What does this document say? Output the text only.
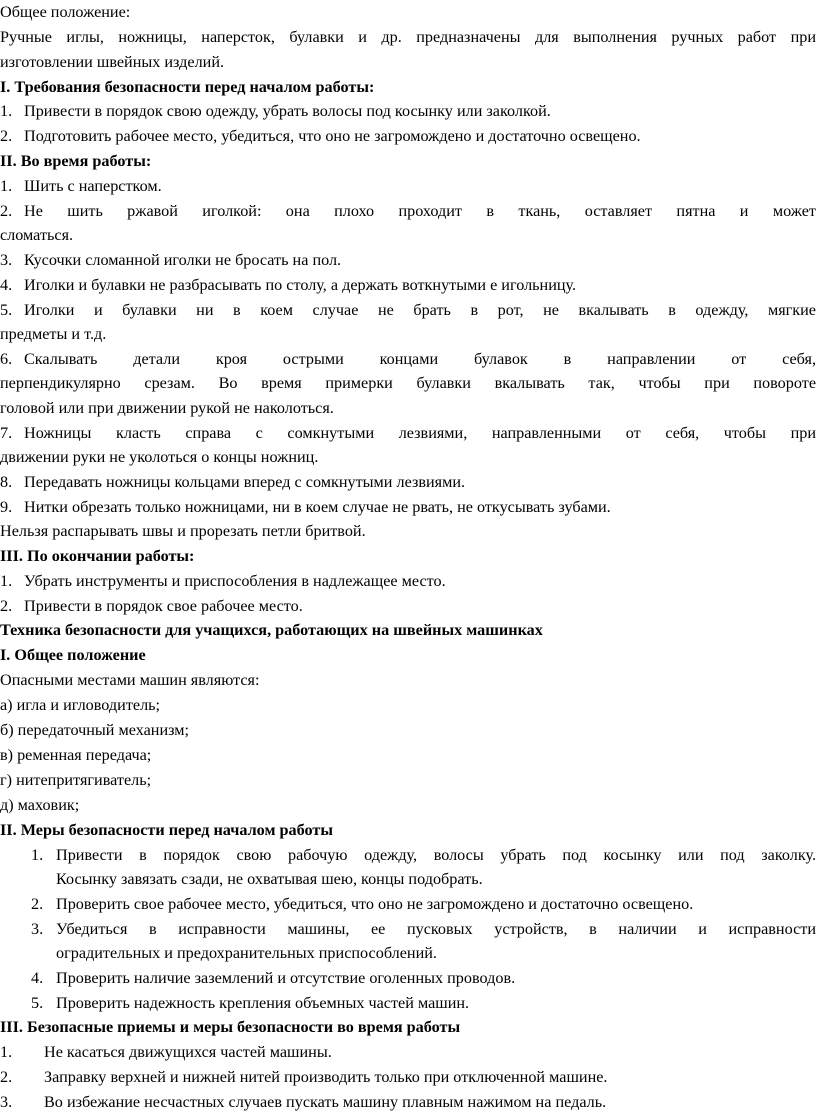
Общее положение:
Ручные иглы, ножницы, наперсток, булавки и др. предназначены для выполнения ручных работ при
изготовлении швейных изделий.
I. Требования безопасности перед началом работы:
1. Привести в порядок свою одежду, убрать волосы под косынку или заколкой.
2. Подготовить рабочее место, убедиться, что оно не загромождено и достаточно освещено.
II. Во время работы:
1. Шить с наперстком.
2. Не шить ржавой иголкой: она плохо проходит в ткань, оставляет пятна и может
сломаться.
3. Кусочки сломанной иголки не бросать на пол.
4. Иголки и булавки не разбрасывать по столу, а держать воткнутыми е игольницу.
5. Иголки и булавки ни в коем случае не брать в рот, не вкалывать в одежду, мягкие
предметы и т.д.
6. Скалывать детали кроя острыми концами булавок в направлении от себя,
перпендикулярно срезам. Во время примерки булавки вкалывать так, чтобы при повороте
головой или при движении рукой не наколоться.
7. Ножницы класть справа с сомкнутыми лезвиями, направленными от себя, чтобы при
движении руки не уколоться о концы ножниц.
8. Передавать ножницы кольцами вперед с сомкнутыми лезвиями.
9. Нитки обрезать только ножницами, ни в коем случае не рвать, не откусывать зубами.
Нельзя распарывать швы и прорезать петли бритвой.
III. По окончании работы:
1. Убрать инструменты и приспособления в надлежащее место.
2. Привести в порядок свое рабочее место.
Техника безопасности для учащихся, работающих на швейных машинках
I. Общее положение
Опасными местами машин являются:
а) игла и игловодитель;
б) передаточный механизм;
в) ременная передача;
г) нитепритягиватель;
д) маховик;
II. Меры безопасности перед началом работы
1. Привести в порядок свою рабочую одежду, волосы убрать под косынку или под заколку.
Косынку завязать сзади, не охватывая шею, концы подобрать.
2. Проверить свое рабочее место, убедиться, что оно не загромождено и достаточно освещено.
3. Убедиться в исправности машины, ее пусковых устройств, в наличии и исправности
оградительных и предохранительных приспособлений.
4. Проверить наличие заземлений и отсутствие оголенных проводов.
5. Проверить надежность крепления объемных частей машин.
III. Безопасные приемы и меры безопасности во время работы
1. Не касаться движущихся частей машины.
2. Заправку верхней и нижней нитей производить только при отключенной машине.
3. Во избежание несчастных случаев пускать машину плавным нажимом на педаль.
